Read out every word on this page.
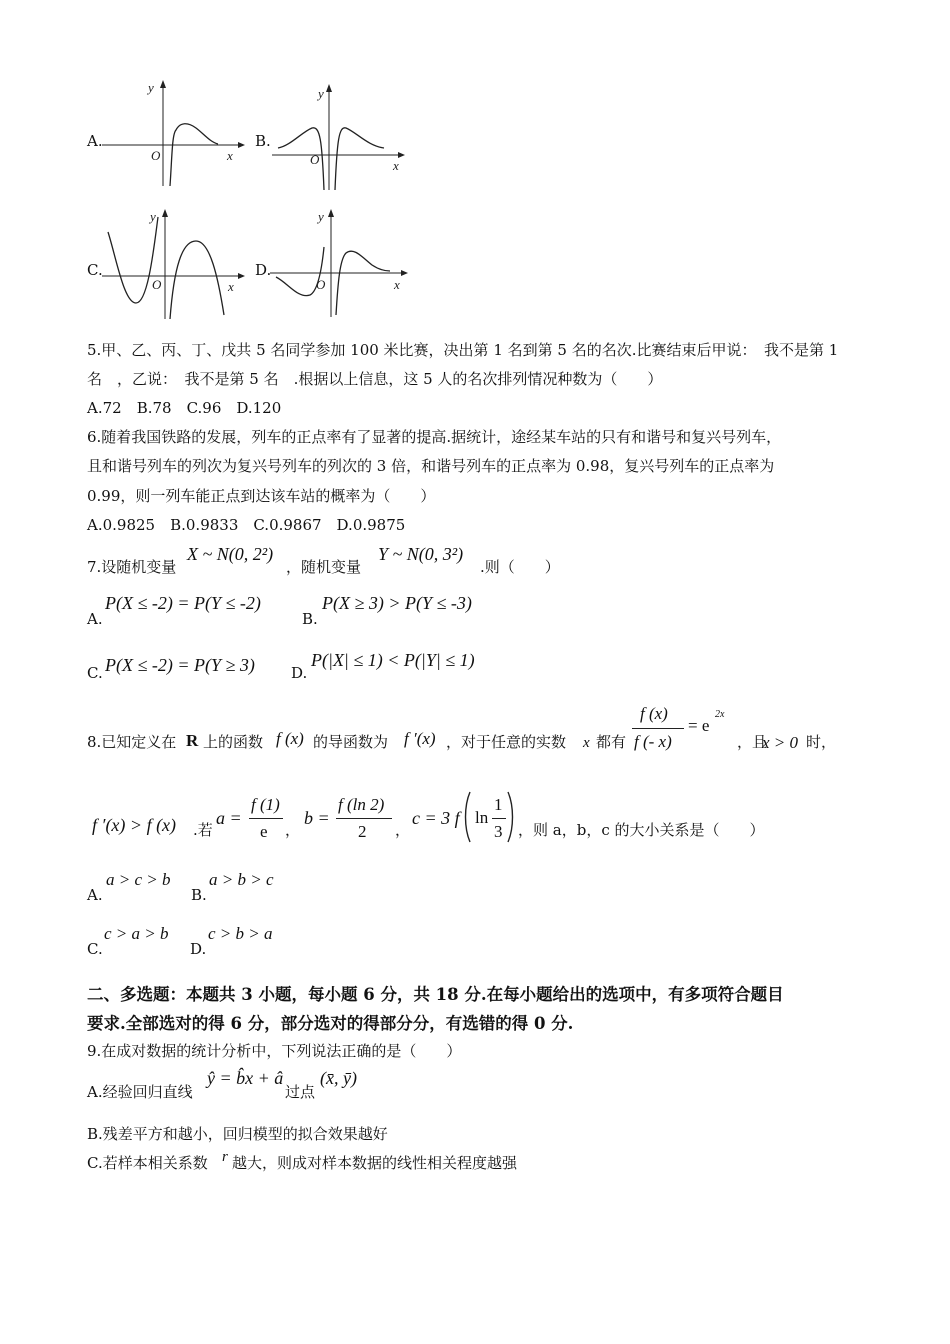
A.
y
x
O
B.
y
x
O
C.
y
x
O
D.
y
x
O
5.甲、乙、丙、丁、戊共 5 名同学参加 100 米比赛，决出第 1 名到第 5 名的名次.比赛结束后甲说：　我不是第 1
名　，乙说：　我不是第 5 名　.根据以上信息，这 5 人的名次排列情况种数为（　　）
A.72　B.78　C.96　D.120
6.随着我国铁路的发展，列车的正点率有了显著的提高.据统计，途经某车站的只有和谐号和复兴号列车，
且和谐号列车的列次为复兴号列车的列次的 3 倍，和谐号列车的正点率为 0.98，复兴号列车的正点率为
0.99，则一列车能正点到达该车站的概率为（　　）
A.0.9825　B.0.9833　C.0.9867　D.0.9875
7.设随机变量
X ~ N(0, 2²)
，随机变量
Y ~ N(0, 3²)
.则（　　）
A.
P(X ≤ -2) = P(Y ≤ -2)
B.
P(X ≥ 3) > P(Y ≤ -3)
C. P(X ≤ -2) = P(Y ≥ 3) D.
P(|X| ≤ 1) < P(|Y| ≤ 1)
8.已知定义在 R 上的函数 f (x) 的导函数为 f ′(x) ，对于任意的实数 x 都有
f (x)
f (- x)
= e
2x
，且
x > 0 时，
f ′(x) > f (x) .若
a =
f (1)
e ，
b =
f (ln 2)
2 ，
c = 3 f ln
1
3 ，则 a，b，c 的大小关系是（　　）
A.
a > c > b
B.
a > b > c
C.
c > a > b
D.
c > b > a
二、多选题：本题共 3 小题，每小题 6 分，共 18 分.在每小题给出的选项中，有多项符合题目
要求.全部选对的得 6 分，部分选对的得部分分，有选错的得 0 分.
9.在成对数据的统计分析中，下列说法正确的是（　　）
A.经验回归直线
ŷ = b̂x + â
过点
(x̄, ȳ)
B.残差平方和越小，回归模型的拟合效果越好
C.若样本相关系数 r 越大，则成对样本数据的线性相关程度越强
